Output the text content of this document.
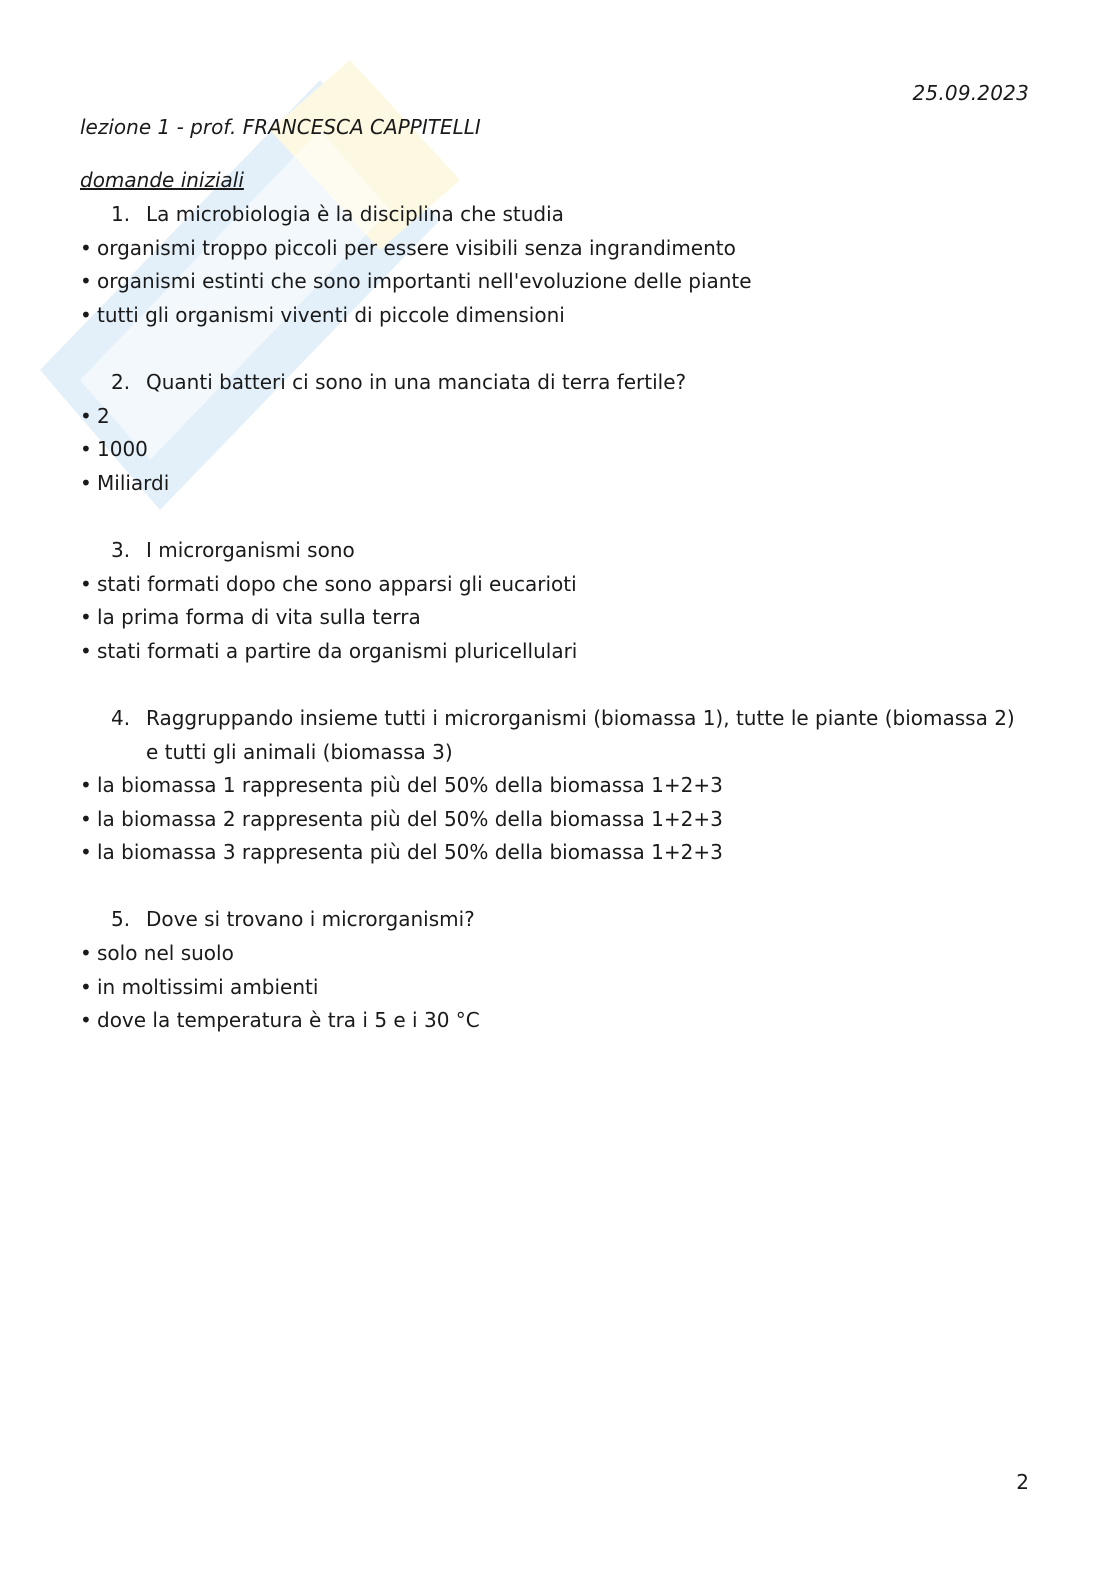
25.09.2023
lezione 1 - prof. FRANCESCA CAPPITELLI
domande iniziali
1. La microbiologia è la disciplina che studia
• organismi troppo piccoli per essere visibili senza ingrandimento
• organismi estinti che sono importanti nell'evoluzione delle piante
• tutti gli organismi viventi di piccole dimensioni
2. Quanti batteri ci sono in una manciata di terra fertile?
• 2
• 1000
• Miliardi
3. I microrganismi sono
• stati formati dopo che sono apparsi gli eucarioti
• la prima forma di vita sulla terra
• stati formati a partire da organismi pluricellulari
4. Raggruppando insieme tutti i microrganismi (biomassa 1), tutte le piante (biomassa 2) e tutti gli animali (biomassa 3)
• la biomassa 1 rappresenta più del 50% della biomassa 1+2+3
• la biomassa 2 rappresenta più del 50% della biomassa 1+2+3
• la biomassa 3 rappresenta più del 50% della biomassa 1+2+3
5. Dove si trovano i microrganismi?
• solo nel suolo
• in moltissimi ambienti
• dove la temperatura è tra i 5 e i 30 °C
2
